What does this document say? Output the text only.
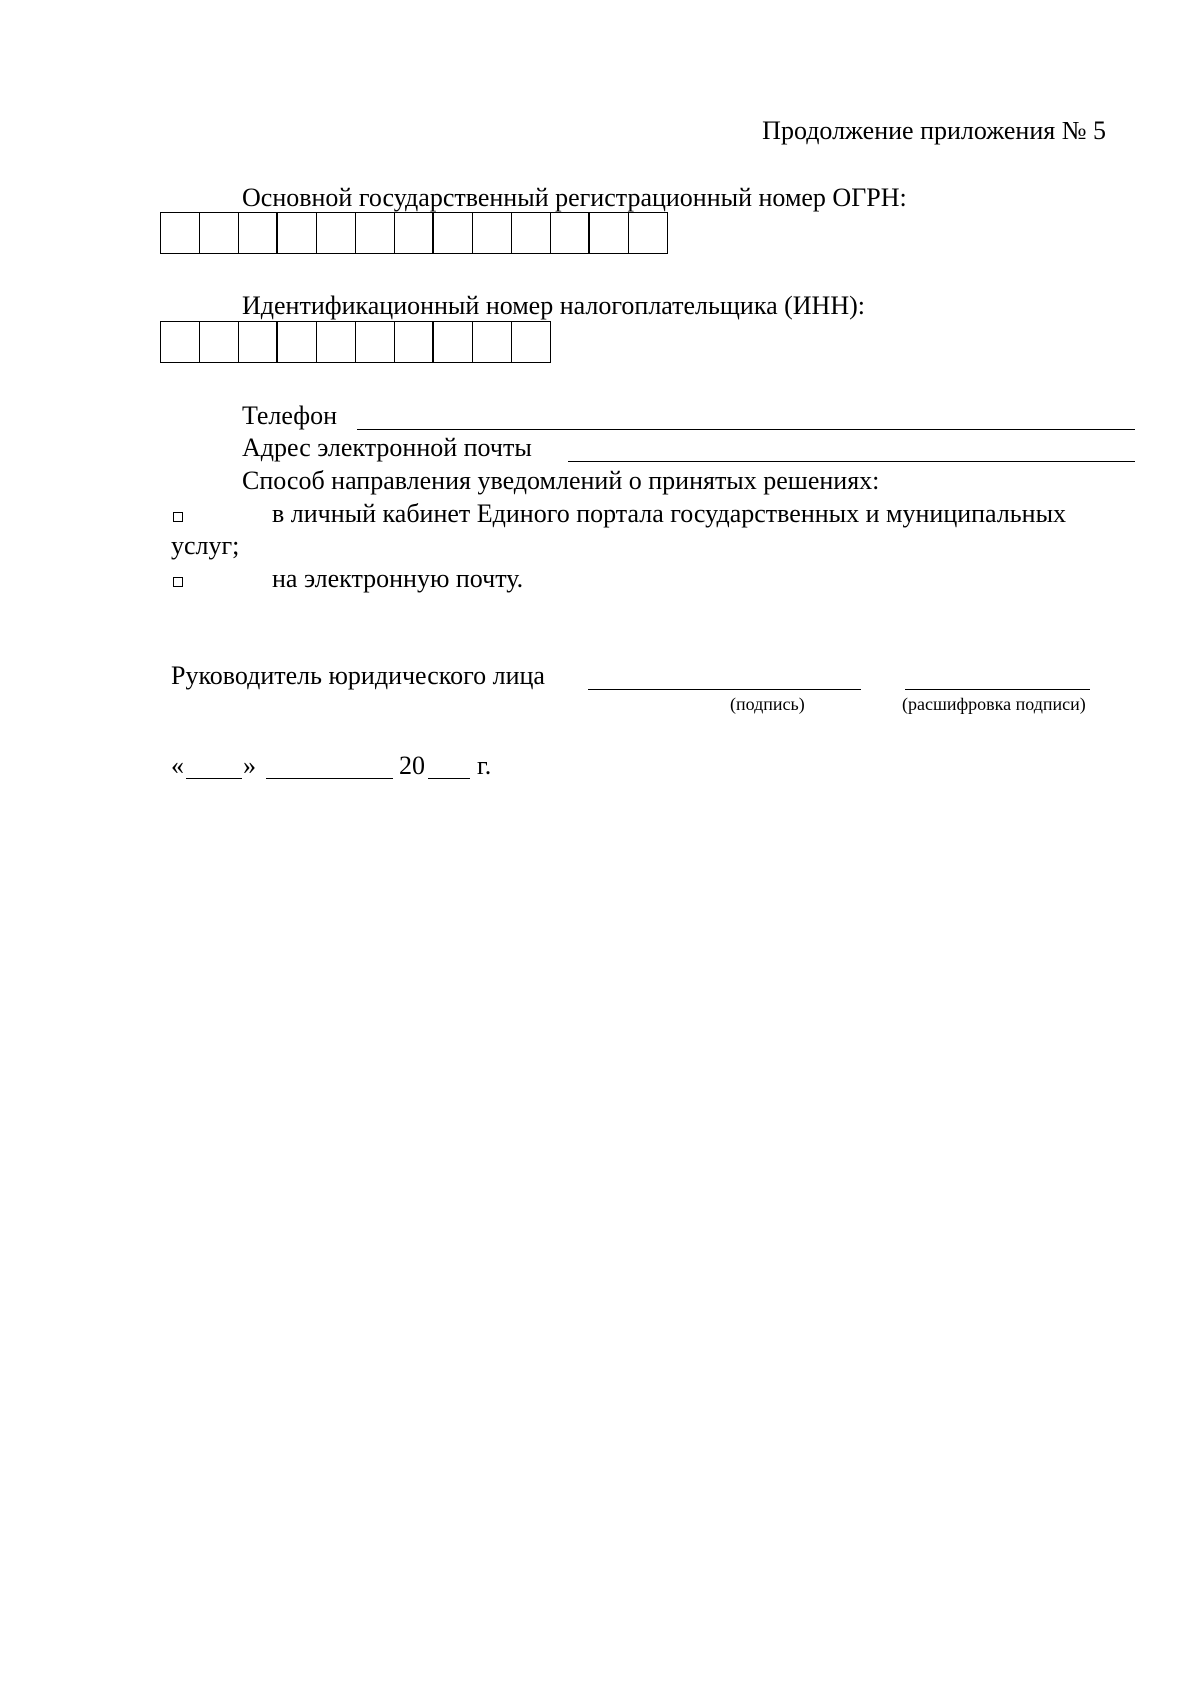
Продолжение приложения № 5
Основной государственный регистрационный номер ОГРН:
Идентификационный номер налогоплательщика (ИНН):
Телефон
Адрес электронной почты
Способ направления уведомлений о принятых решениях:
в личный кабинет Единого портала государственных и муниципальных
услуг;
на электронную почту.
Руководитель юридического лица
(подпись)	(расшифровка подписи)
« »	20 г.
